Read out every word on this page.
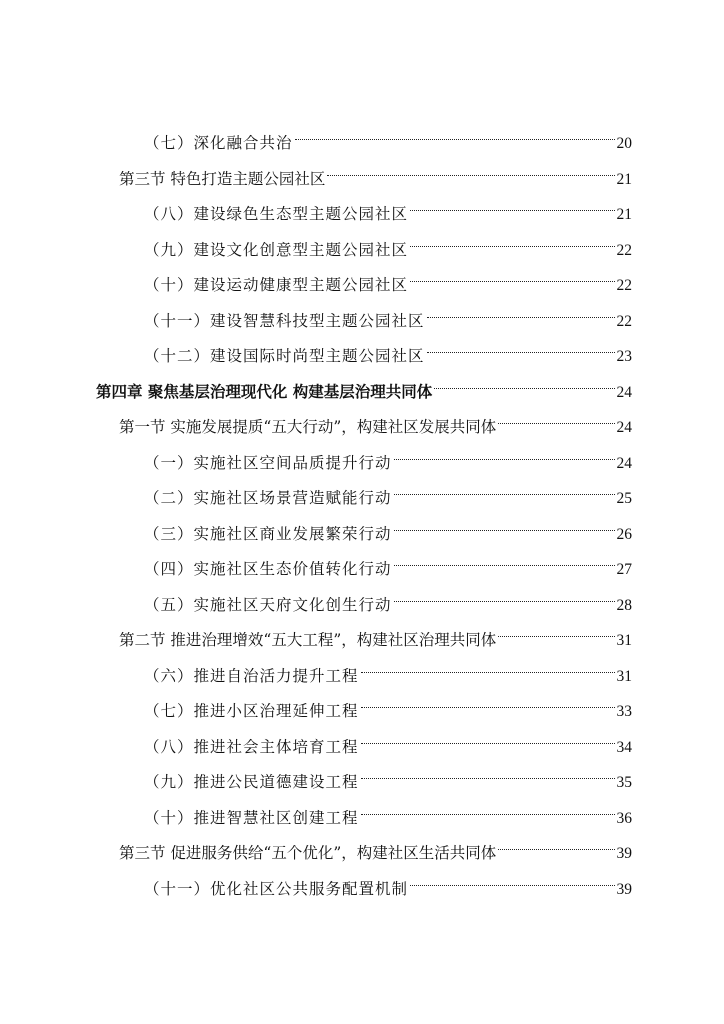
（七）深化融合共治	20
第三节 特色打造主题公园社区	21
（八）建设绿色生态型主题公园社区	21
（九）建设文化创意型主题公园社区	22
（十）建设运动健康型主题公园社区	22
（十一）建设智慧科技型主题公园社区	22
（十二）建设国际时尚型主题公园社区	23
第四章 聚焦基层治理现代化 构建基层治理共同体	24
第一节 实施发展提质“五大行动”，构建社区发展共同体	24
（一）实施社区空间品质提升行动	24
（二）实施社区场景营造赋能行动	25
（三）实施社区商业发展繁荣行动	26
（四）实施社区生态价值转化行动	27
（五）实施社区天府文化创生行动	28
第二节 推进治理增效“五大工程”，构建社区治理共同体	31
（六）推进自治活力提升工程	31
（七）推进小区治理延伸工程	33
（八）推进社会主体培育工程	34
（九）推进公民道德建设工程	35
（十）推进智慧社区创建工程	36
第三节 促进服务供给“五个优化”，构建社区生活共同体	39
（十一）优化社区公共服务配置机制	39
